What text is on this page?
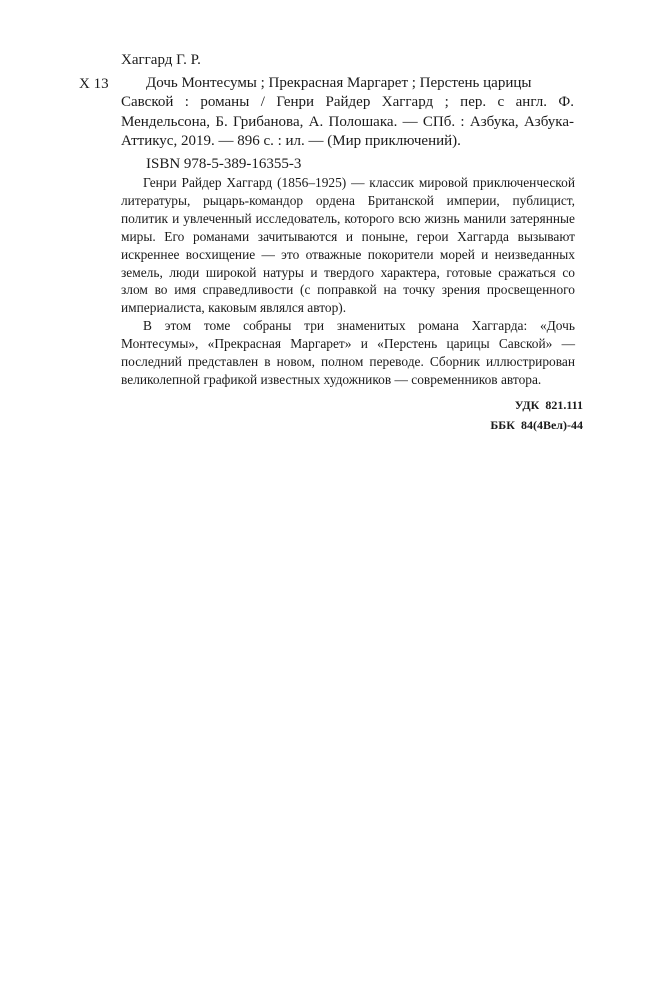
Хаггард Г. Р.
Х 13 Дочь Монтесумы ; Прекрасная Маргарет ; Перстень царицы
Савской : романы / Генри Райдер Хаггард ; пер. с англ. Ф. Мендельсона, Б. Грибанова, А. Полошака. — СПб. : Азбука, Азбука-Аттикус, 2019. — 896 с. : ил. — (Мир приключений).

ISBN 978-5-389-16355-3

Генри Райдер Хаггард (1856–1925) — классик мировой приключенческой литературы, рыцарь-командор ордена Британской империи, публицист, политик и увлеченный исследователь, которого всю жизнь манили затерянные миры. Его романами зачитываются и поныне, герои Хаггарда вызывают искреннее восхищение — это отважные покорители морей и неизведанных земель, люди широкой натуры и твердого характера, готовые сражаться со злом во имя справедливости (с поправкой на точку зрения просвещенного империалиста, каковым являлся автор).

В этом томе собраны три знаменитых романа Хаггарда: «Дочь Монтесумы», «Прекрасная Маргарет» и «Перстень царицы Савской» — последний представлен в новом, полном переводе. Сборник иллюстрирован великолепной графикой известных художников — современников автора.

УДК  821.111
ББК  84(4Вел)-44
